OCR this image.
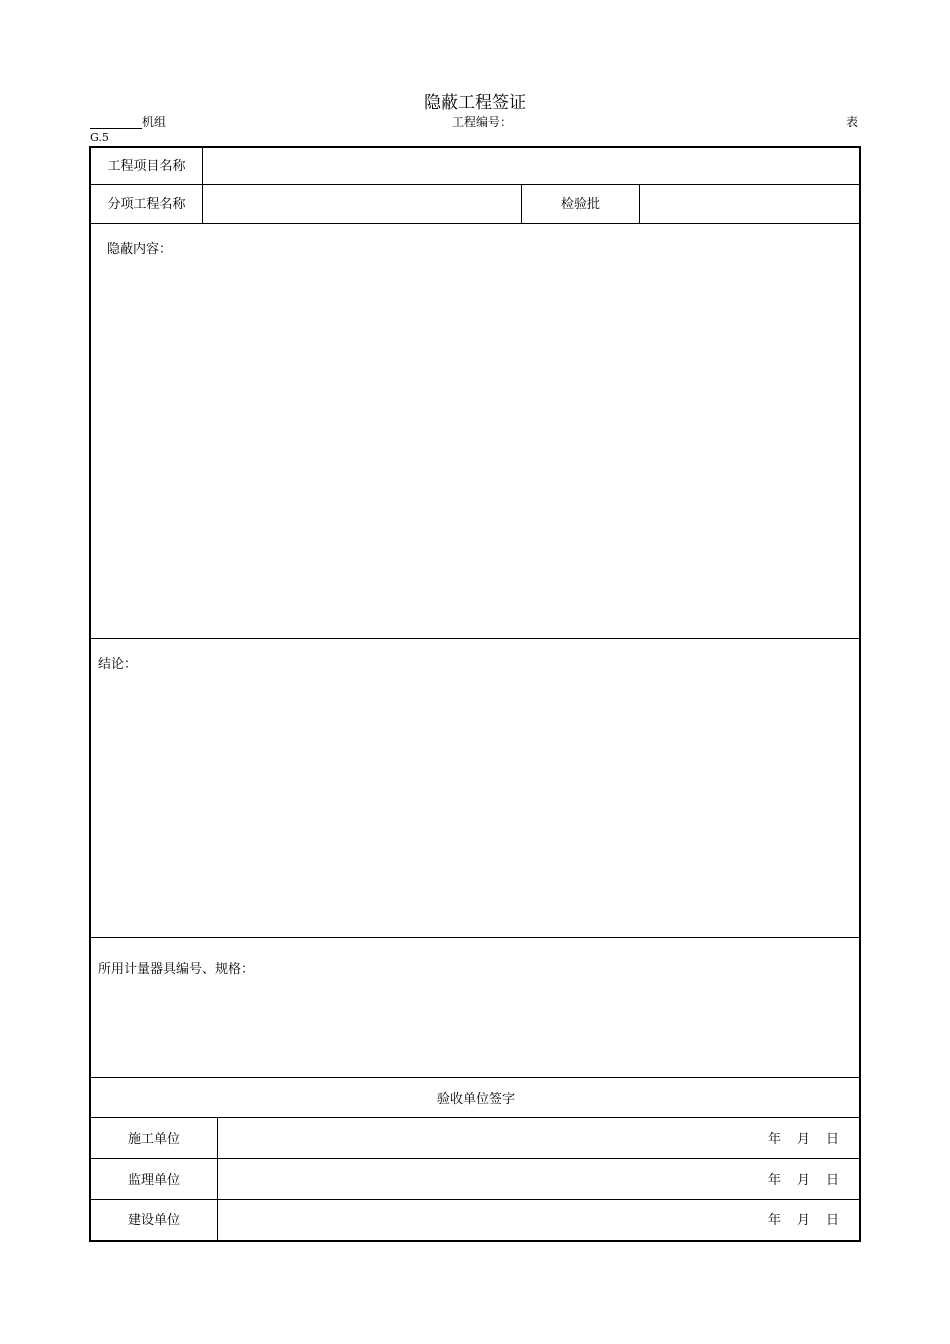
隐蔽工程签证
机组	工程编号：	表
G.5
工程项目名称
分项工程名称	检验批
隐蔽内容：
结论：
所用计量器具编号、规格：
验收单位签字
施工单位	年 月 日
监理单位	年 月 日
建设单位	年 月 日
